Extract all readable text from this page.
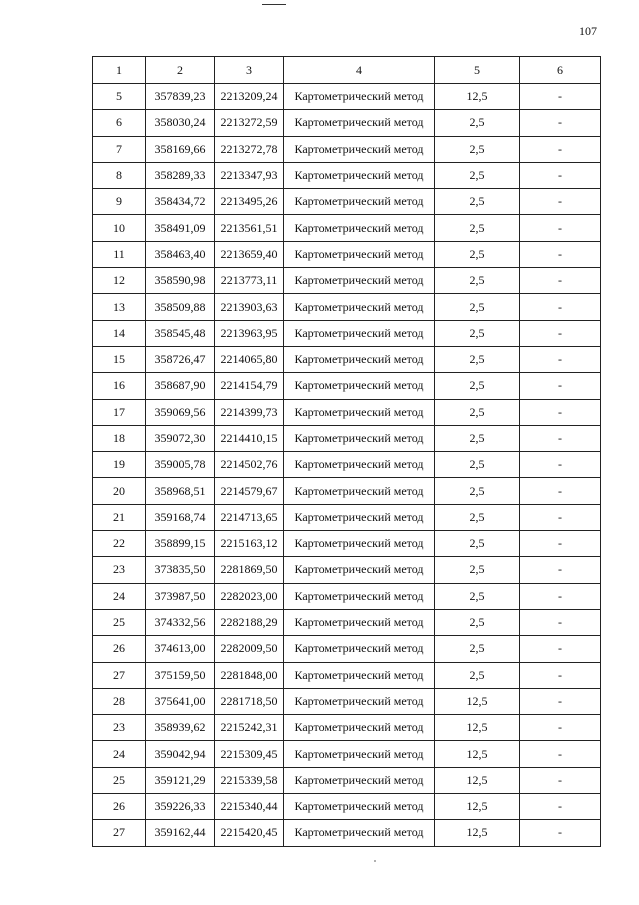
107
1	2	3	4	5	6
5	357839,23	2213209,24	Картометрический метод	12,5	-
6	358030,24	2213272,59	Картометрический метод	2,5	-
7	358169,66	2213272,78	Картометрический метод	2,5	-
8	358289,33	2213347,93	Картометрический метод	2,5	-
9	358434,72	2213495,26	Картометрический метод	2,5	-
10	358491,09	2213561,51	Картометрический метод	2,5	-
11	358463,40	2213659,40	Картометрический метод	2,5	-
12	358590,98	2213773,11	Картометрический метод	2,5	-
13	358509,88	2213903,63	Картометрический метод	2,5	-
14	358545,48	2213963,95	Картометрический метод	2,5	-
15	358726,47	2214065,80	Картометрический метод	2,5	-
16	358687,90	2214154,79	Картометрический метод	2,5	-
17	359069,56	2214399,73	Картометрический метод	2,5	-
18	359072,30	2214410,15	Картометрический метод	2,5	-
19	359005,78	2214502,76	Картометрический метод	2,5	-
20	358968,51	2214579,67	Картометрический метод	2,5	-
21	359168,74	2214713,65	Картометрический метод	2,5	-
22	358899,15	2215163,12	Картометрический метод	2,5	-
23	373835,50	2281869,50	Картометрический метод	2,5	-
24	373987,50	2282023,00	Картометрический метод	2,5	-
25	374332,56	2282188,29	Картометрический метод	2,5	-
26	374613,00	2282009,50	Картометрический метод	2,5	-
27	375159,50	2281848,00	Картометрический метод	2,5	-
28	375641,00	2281718,50	Картометрический метод	12,5	-
23	358939,62	2215242,31	Картометрический метод	12,5	-
24	359042,94	2215309,45	Картометрический метод	12,5	-
25	359121,29	2215339,58	Картометрический метод	12,5	-
26	359226,33	2215340,44	Картометрический метод	12,5	-
27	359162,44	2215420,45	Картометрический метод	12,5	-
